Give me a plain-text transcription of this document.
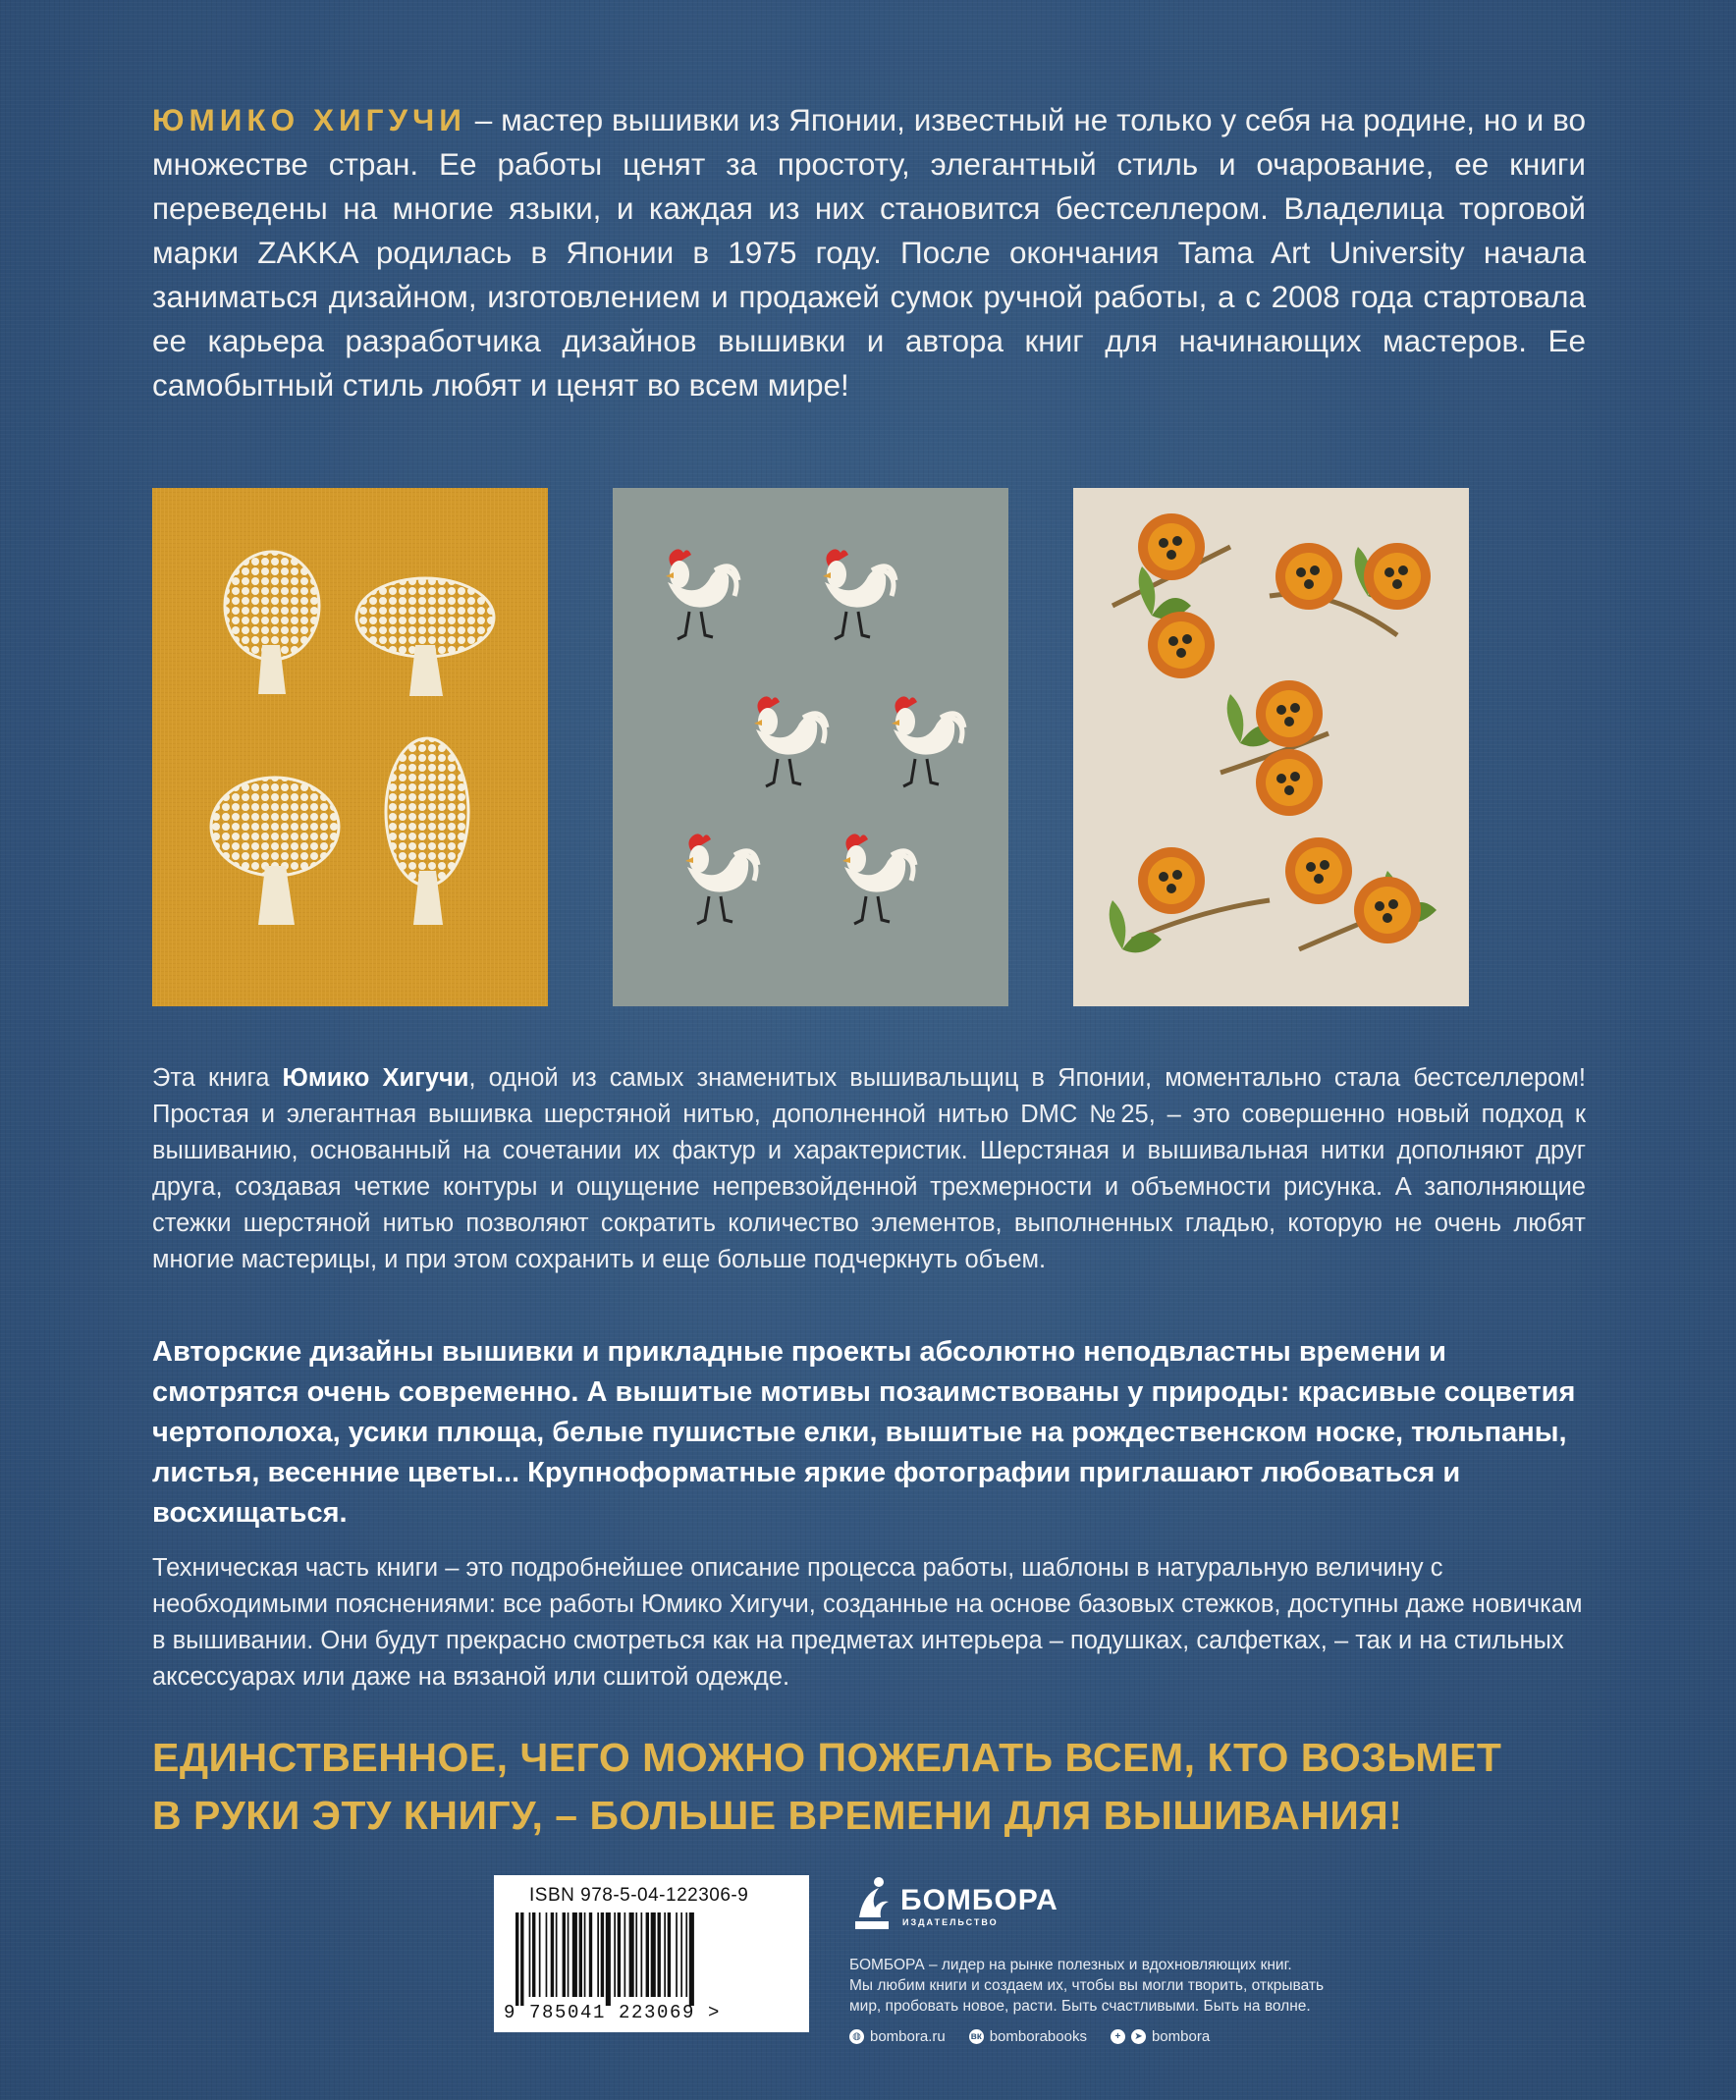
ЮМИКО ХИГУЧИ – мастер вышивки из Японии, известный не только у себя на родине, но и во множестве стран. Ее работы ценят за простоту, элегантный стиль и очарование, ее книги переведены на многие языки, и каждая из них становится бестселлером. Владелица торговой марки ZAKKA родилась в Японии в 1975 году. После окончания Tama Art University начала заниматься дизайном, изготовлением и продажей сумок ручной работы, а с 2008 года стартовала ее карьера разработчика дизайнов вышивки и автора книг для начинающих мастеров. Ее самобытный стиль любят и ценят во всем мире!

Эта книга Юмико Хигучи, одной из самых знаменитых вышивальщиц в Японии, моментально стала бестселлером! Простая и элегантная вышивка шерстяной нитью, дополненной нитью DMC №25, – это совершенно новый подход к вышиванию, основанный на сочетании их фактур и характеристик. Шерстяная и вышивальная нитки дополняют друг друга, создавая четкие контуры и ощущение непревзойденной трехмерности и объемности рисунка. А заполняющие стежки шерстяной нитью позволяют сократить количество элементов, выполненных гладью, которую не очень любят многие мастерицы, и при этом сохранить и еще больше подчеркнуть объем.

Авторские дизайны вышивки и прикладные проекты абсолютно неподвластны времени и смотрятся очень современно. А вышитые мотивы позаимствованы у природы: красивые соцветия чертополоха, усики плюща, белые пушистые елки, вышитые на рождественском носке, тюльпаны, листья, весенние цветы... Крупноформатные яркие фотографии приглашают любоваться и восхищаться.

Техническая часть книги – это подробнейшее описание процесса работы, шаблоны в натуральную величину с необходимыми пояснениями: все работы Юмико Хигучи, созданные на основе базовых стежков, доступны даже новичкам в вышивании. Они будут прекрасно смотреться как на предметах интерьера – подушках, салфетках, – так и на стильных аксессуарах или даже на вязаной или сшитой одежде.

ЕДИНСТВЕННОЕ, ЧЕГО МОЖНО ПОЖЕЛАТЬ ВСЕМ, КТО ВОЗЬМЕТ
В РУКИ ЭТУ КНИГУ, – БОЛЬШЕ ВРЕМЕНИ ДЛЯ ВЫШИВАНИЯ!
ISBN 978-5-04-122306-9
9 785041 223069 >
БОМБОРА
ИЗДАТЕЛЬСТВО
БОМБОРА – лидер на рынке полезных и вдохновляющих книг.
Мы любим книги и создаем их, чтобы вы могли творить, открывать
мир, пробовать новое, расти. Быть счастливыми. Быть на волне.
◍ bombora.ru	вк bomborabooks	+	➤ bombora
